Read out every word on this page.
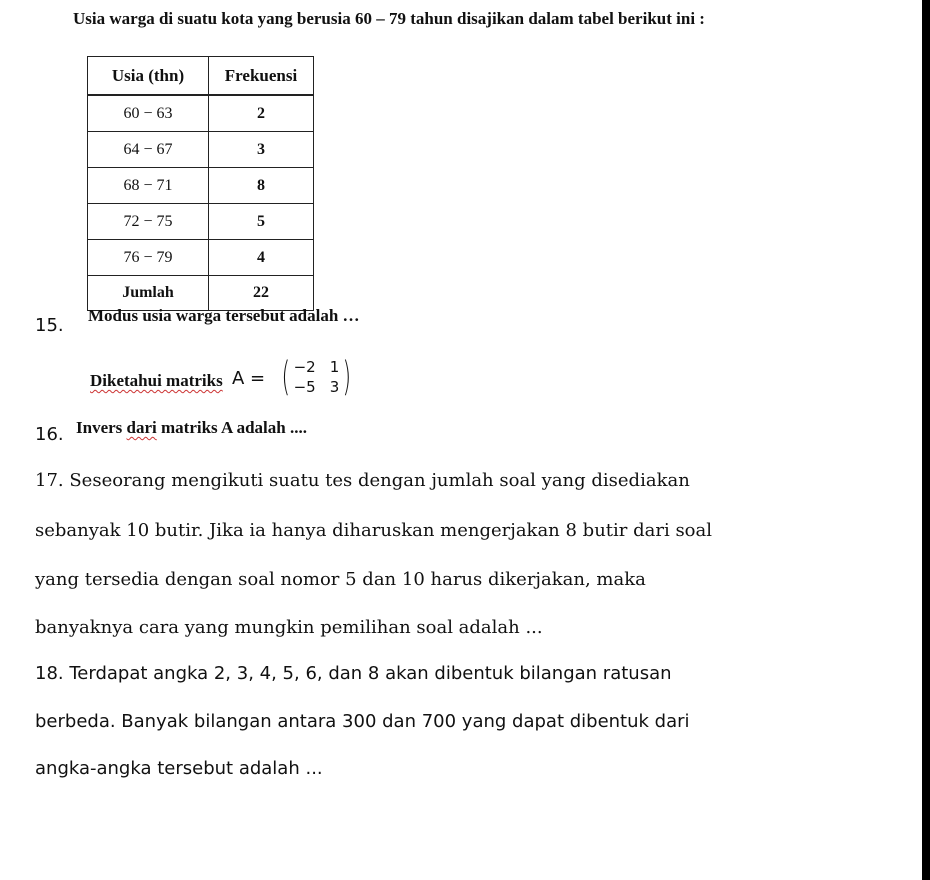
Usia warga di suatu kota yang berusia 60 – 79 tahun disajikan dalam tabel berikut ini :
Usia (thn)	Frekuensi
60 − 63	2
64 − 67	3
68 − 71	8
72 − 75	5
76 − 79	4
Jumlah	22
15. Modus usia warga tersebut adalah …
Diketahui matriks A = ( −2 1
−5 3 )
16. Invers dari matriks A adalah ....
17. Seseorang mengikuti suatu tes dengan jumlah soal yang disediakan
sebanyak 10 butir. Jika ia hanya diharuskan mengerjakan 8 butir dari soal
yang tersedia dengan soal nomor 5 dan 10 harus dikerjakan, maka
banyaknya cara yang mungkin pemilihan soal adalah ...
18. Terdapat angka 2, 3, 4, 5, 6, dan 8 akan dibentuk bilangan ratusan
berbeda. Banyak bilangan antara 300 dan 700 yang dapat dibentuk dari
angka-angka tersebut adalah ...
